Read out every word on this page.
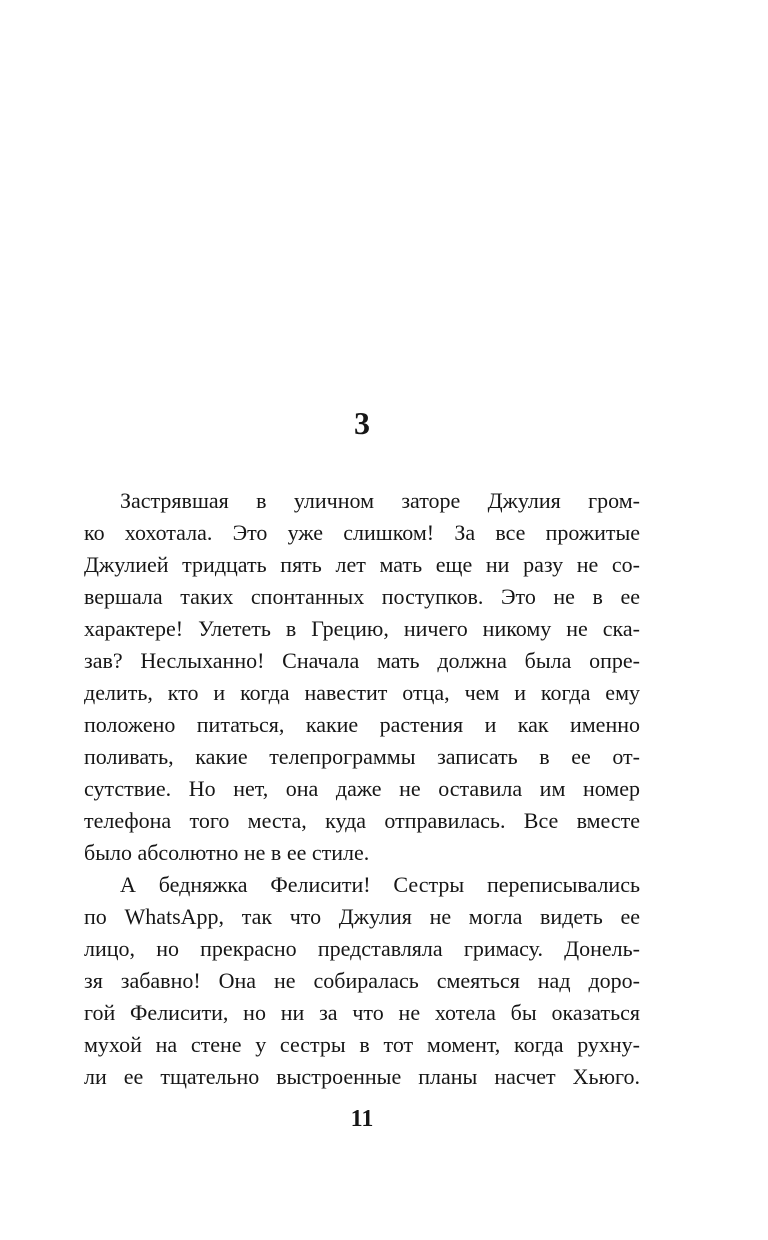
3
Застрявшая в уличном заторе Джулия гром-
ко хохотала. Это уже слишком! За все прожитые
Джулией тридцать пять лет мать еще ни разу не со-
вершала таких спонтанных поступков. Это не в ее
характере! Улететь в Грецию, ничего никому не ска-
зав? Неслыханно! Сначала мать должна была опре-
делить, кто и когда навестит отца, чем и когда ему
положено питаться, какие растения и как именно
поливать, какие телепрограммы записать в ее от-
сутствие. Но нет, она даже не оставила им номер
телефона того места, куда отправилась. Все вместе
было абсолютно не в ее стиле.
А бедняжка Фелисити! Сестры переписывались
по WhatsApp, так что Джулия не могла видеть ее
лицо, но прекрасно представляла гримасу. Донель-
зя забавно! Она не собиралась смеяться над доро-
гой Фелисити, но ни за что не хотела бы оказаться
мухой на стене у сестры в тот момент, когда рухну-
ли ее тщательно выстроенные планы насчет Хьюго.
11
